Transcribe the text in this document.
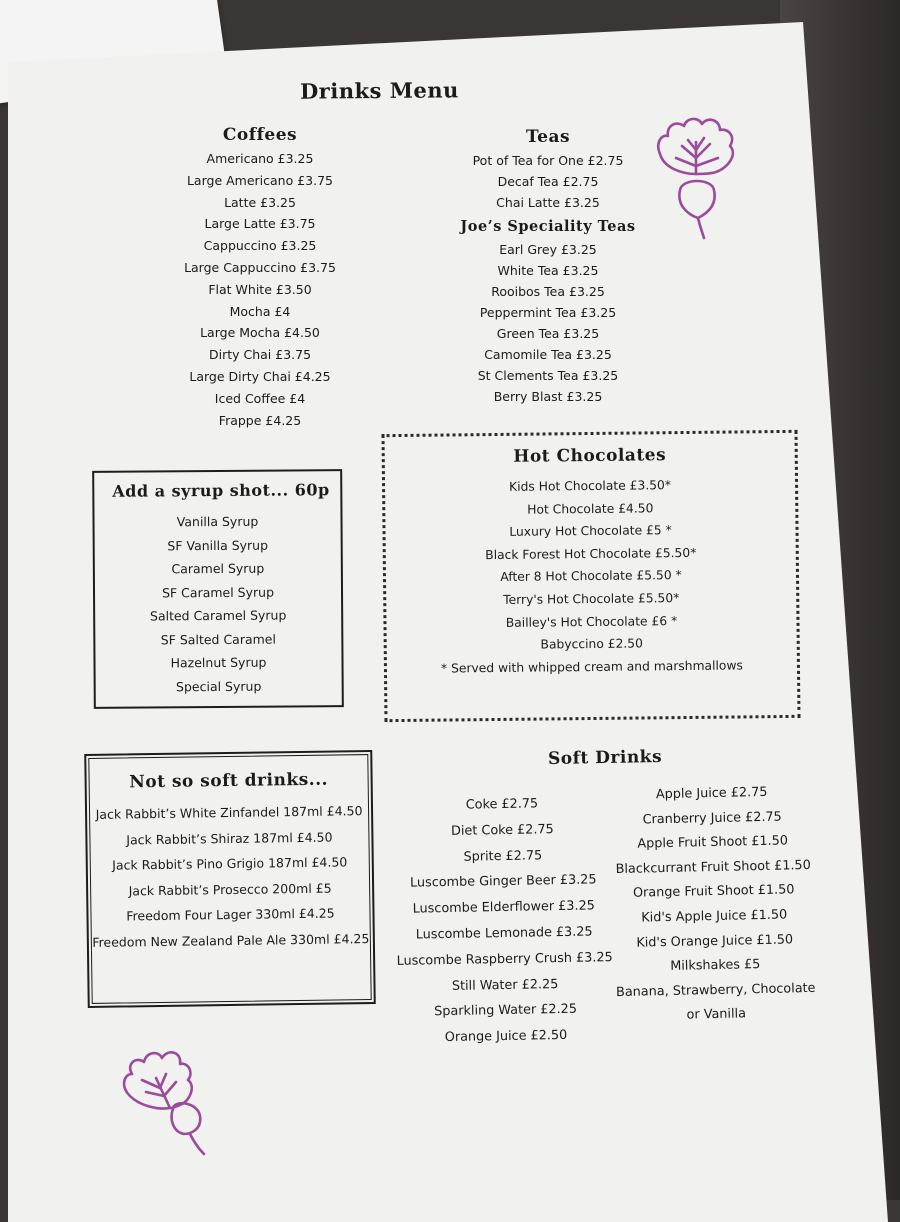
Drinks Menu
Coffees
Americano £3.25
Large Americano £3.75
Latte £3.25
Large Latte £3.75
Cappuccino £3.25
Large Cappuccino £3.75
Flat White £3.50
Mocha £4
Large Mocha £4.50
Dirty Chai £3.75
Large Dirty Chai £4.25
Iced Coffee £4
Frappe £4.25
Teas
Pot of Tea for One £2.75
Decaf Tea £2.75
Chai Latte £3.25
Joe’s Speciality Teas
Earl Grey £3.25
White Tea £3.25
Rooibos Tea £3.25
Peppermint Tea £3.25
Green Tea £3.25
Camomile Tea £3.25
St Clements Tea £3.25
Berry Blast £3.25
Add a syrup shot... 60p
Vanilla Syrup
SF Vanilla Syrup
Caramel Syrup
SF Caramel Syrup
Salted Caramel Syrup
SF Salted Caramel
Hazelnut Syrup
Special Syrup
Hot Chocolates
Kids Hot Chocolate £3.50*
Hot Chocolate £4.50
Luxury Hot Chocolate £5 *
Black Forest Hot Chocolate £5.50*
After 8 Hot Chocolate £5.50 *
Terry's Hot Chocolate £5.50*
Bailley's Hot Chocolate £6 *
Babyccino £2.50
* Served with whipped cream and marshmallows
Not so soft drinks...
Jack Rabbit’s White Zinfandel 187ml £4.50
Jack Rabbit’s Shiraz 187ml £4.50
Jack Rabbit’s Pino Grigio 187ml £4.50
Jack Rabbit’s Prosecco 200ml £5
Freedom Four Lager 330ml £4.25
Freedom New Zealand Pale Ale 330ml £4.25
Soft Drinks
Coke £2.75
Diet Coke £2.75
Sprite £2.75
Luscombe Ginger Beer £3.25
Luscombe Elderflower £3.25
Luscombe Lemonade £3.25
Luscombe Raspberry Crush £3.25
Still Water £2.25
Sparkling Water £2.25
Orange Juice £2.50
Apple Juice £2.75
Cranberry Juice £2.75
Apple Fruit Shoot £1.50
Blackcurrant Fruit Shoot £1.50
Orange Fruit Shoot £1.50
Kid's Apple Juice £1.50
Kid's Orange Juice £1.50
Milkshakes £5
Banana, Strawberry, Chocolate
or Vanilla
